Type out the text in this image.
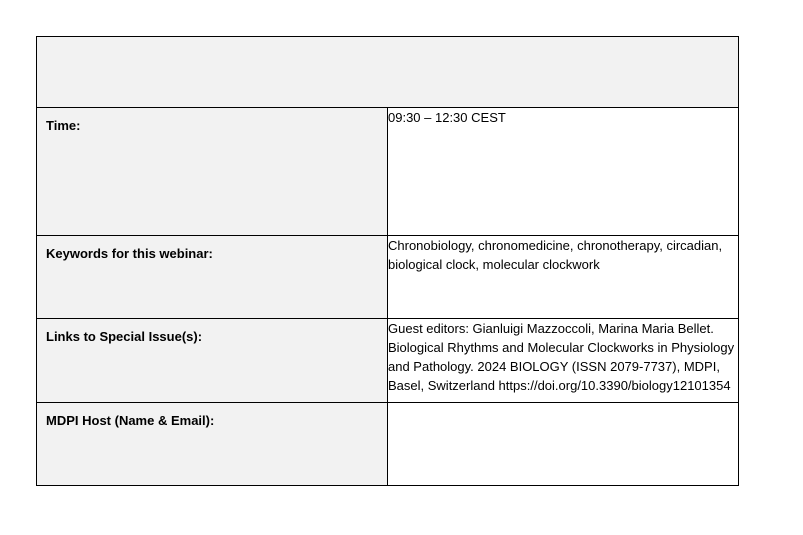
Time:	09:30 – 12:30 CEST
Keywords for this webinar:	Chronobiology, chronomedicine, chronotherapy, circadian, biological clock, molecular clockwork
Links to Special Issue(s):	Guest editors: Gianluigi Mazzoccoli, Marina Maria Bellet. Biological Rhythms and Molecular Clockworks in Physiology and Pathology. 2024 BIOLOGY (ISSN 2079-7737), MDPI, Basel, Switzerland https://doi.org/10.3390/biology12101354
MDPI Host (Name & Email):	
